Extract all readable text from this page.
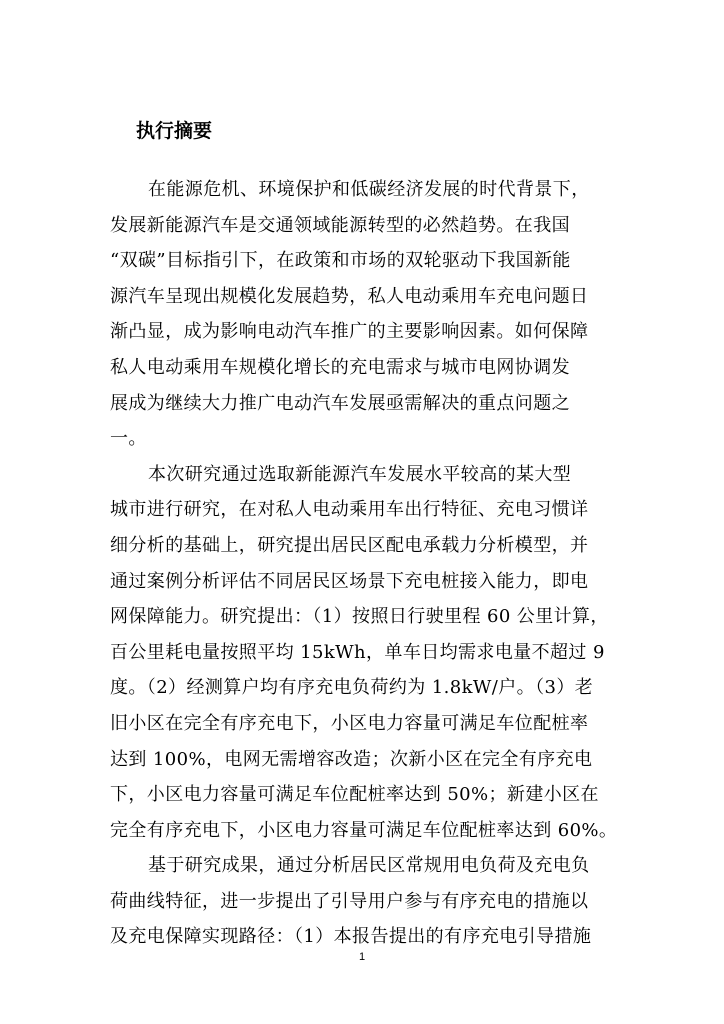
执行摘要
在能源危机、环境保护和低碳经济发展的时代背景下，
发展新能源汽车是交通领域能源转型的必然趋势。在我国
“双碳”目标指引下，在政策和市场的双轮驱动下我国新能
源汽车呈现出规模化发展趋势，私人电动乘用车充电问题日
渐凸显，成为影响电动汽车推广的主要影响因素。如何保障
私人电动乘用车规模化增长的充电需求与城市电网协调发
展成为继续大力推广电动汽车发展亟需解决的重点问题之
一。
本次研究通过选取新能源汽车发展水平较高的某大型
城市进行研究，在对私人电动乘用车出行特征、充电习惯详
细分析的基础上，研究提出居民区配电承载力分析模型，并
通过案例分析评估不同居民区场景下充电桩接入能力，即电
网保障能力。研究提出：（1）按照日行驶里程 60 公里计算，
百公里耗电量按照平均 15kWh，单车日均需求电量不超过 9
度。（2）经测算户均有序充电负荷约为 1.8kW/户。（3）老
旧小区在完全有序充电下，小区电力容量可满足车位配桩率
达到 100%，电网无需增容改造；次新小区在完全有序充电
下，小区电力容量可满足车位配桩率达到 50%；新建小区在
完全有序充电下，小区电力容量可满足车位配桩率达到 60%。
基于研究成果，通过分析居民区常规用电负荷及充电负
荷曲线特征，进一步提出了引导用户参与有序充电的措施以
及充电保障实现路径：（1）本报告提出的有序充电引导措施
1
